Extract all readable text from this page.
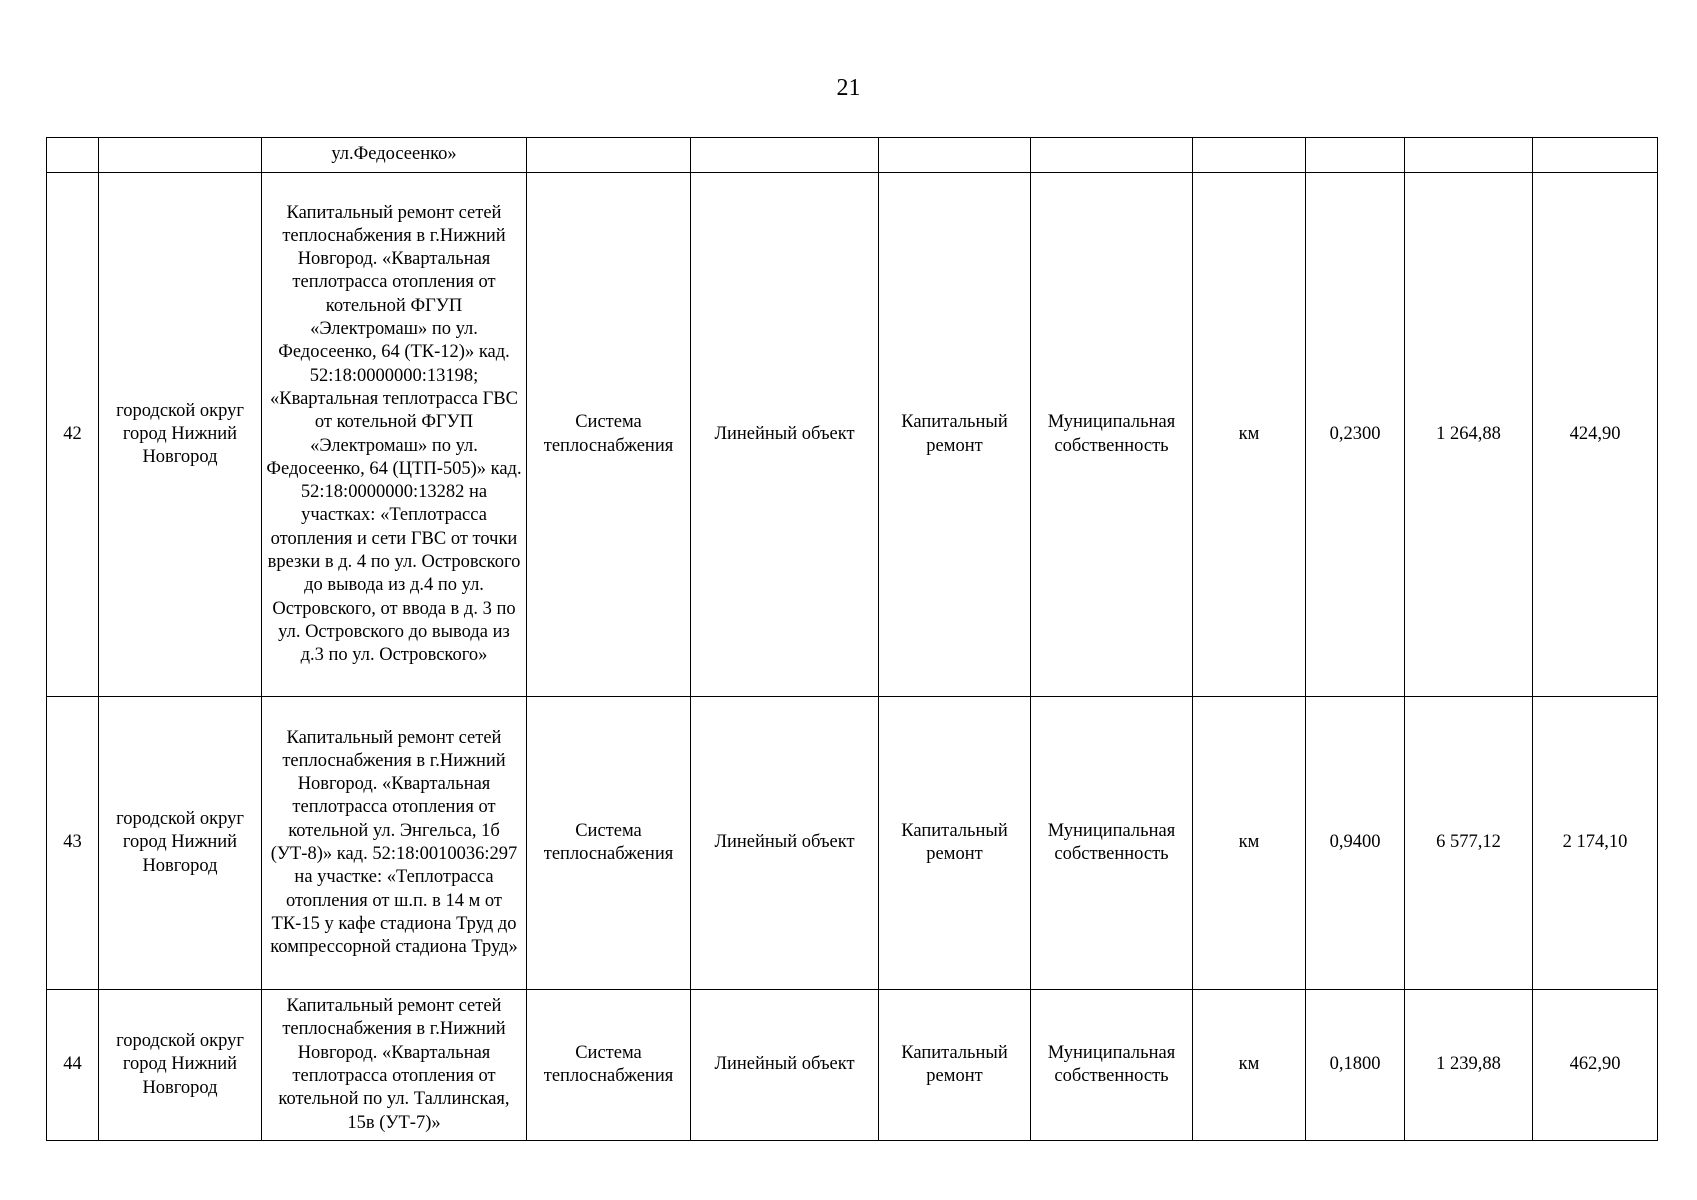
21
		ул.Федосеенко»								
42	городской округ город Нижний Новгород	Капитальный ремонт сетей теплоснабжения в г.Нижний Новгород. «Квартальная теплотрасса отопления от котельной ФГУП «Электромаш» по ул. Федосеенко, 64 (ТК-12)» кад. 52:18:0000000:13198; «Квартальная теплотрасса ГВС от котельной ФГУП «Электромаш» по ул. Федосеенко, 64 (ЦТП-505)» кад. 52:18:0000000:13282 на участках: «Теплотрасса отопления и сети ГВС от точки врезки в д. 4 по ул. Островского до вывода из д.4 по ул. Островского, от ввода в д. 3 по ул. Островского до вывода из д.3 по ул. Островского»	Система теплоснабжения	Линейный объект	Капитальный ремонт	Муниципальная собственность	км	0,2300	1 264,88	424,90
43	городской округ город Нижний Новгород	Капитальный ремонт сетей теплоснабжения в г.Нижний Новгород. «Квартальная теплотрасса отопления от котельной ул. Энгельса, 1б (УТ-8)» кад. 52:18:0010036:297 на участке: «Теплотрасса отопления от ш.п. в 14 м от ТК-15 у кафе стадиона Труд до компрессорной стадиона Труд»	Система теплоснабжения	Линейный объект	Капитальный ремонт	Муниципальная собственность	км	0,9400	6 577,12	2 174,10
44	городской округ город Нижний Новгород	Капитальный ремонт сетей теплоснабжения в г.Нижний Новгород. «Квартальная теплотрасса отопления от котельной по ул. Таллинская, 15в (УТ-7)»	Система теплоснабжения	Линейный объект	Капитальный ремонт	Муниципальная собственность	км	0,1800	1 239,88	462,90
